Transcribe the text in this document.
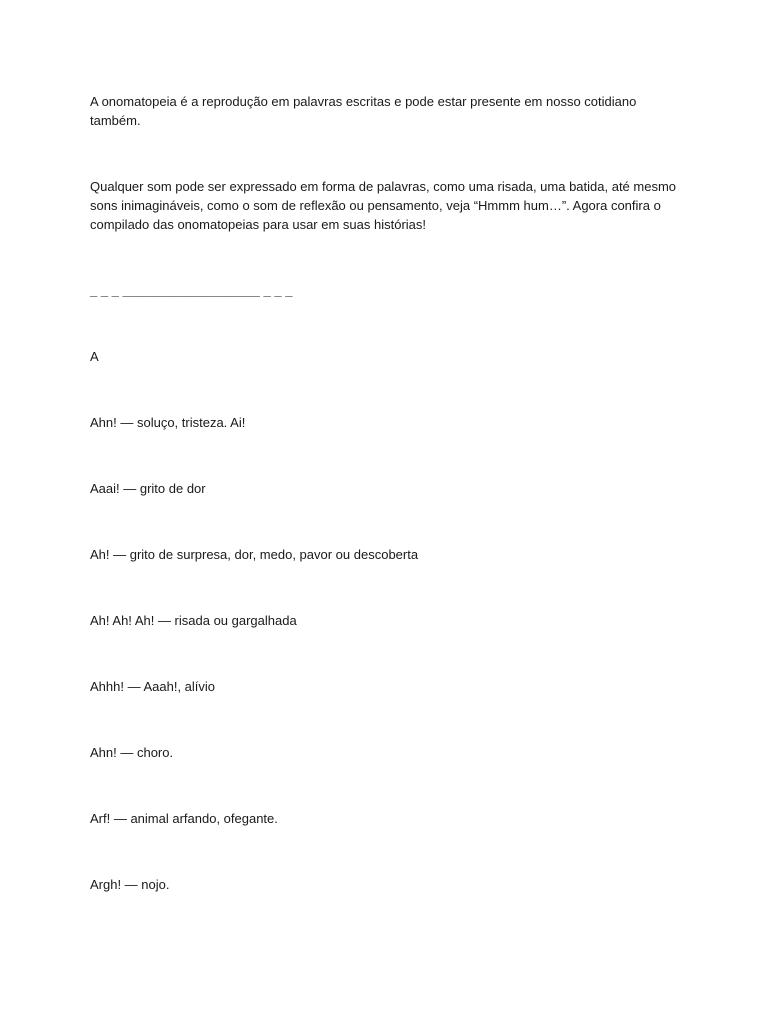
A onomatopeia é a reprodução em palavras escritas e pode estar presente em nosso cotidiano também.

Qualquer som pode ser expressado em forma de palavras, como uma risada, uma batida, até mesmo sons inimagináveis, como o som de reflexão ou pensamento, veja “Hmmm hum…”. Agora confira o compilado das onomatopeias para usar em suas histórias!

_ _ _ ___________________ _ _ _
A
Ahn! — soluço, tristeza. Ai!
Aaai! — grito de dor
Ah! — grito de surpresa, dor, medo, pavor ou descoberta
Ah! Ah! Ah! — risada ou gargalhada
Ahhh! — Aaah!, alívio
Ahn! — choro.
Arf! — animal arfando, ofegante.
Argh! — nojo.
